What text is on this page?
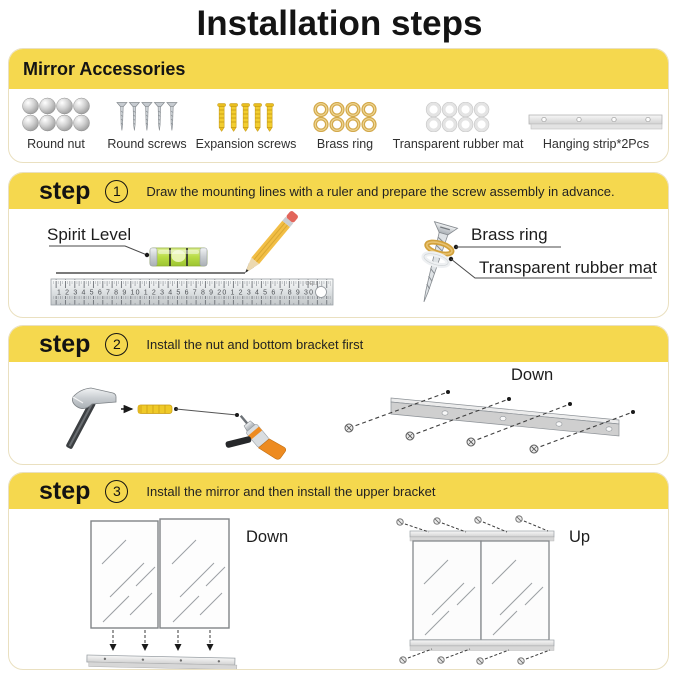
Installation steps
Mirror Accessories
Round nut Round screws Expansion screws Brass ring Transparent rubber mat Hanging strip*2Pcs
step	1	Draw the mounting lines with a ruler and prepare the screw assembly in advance.
Spirit Level
1 2 3 4 5 6 7 8 9 10 1 2 3 4 5 6 7 8 9 20 1 2 3 4 5 6 7 8 9 30
DELI
Brass ring
Transparent rubber mat
step	2	Install the nut and bottom bracket first
Down
step	3	Install the mirror and then install the upper bracket
Down	Up
